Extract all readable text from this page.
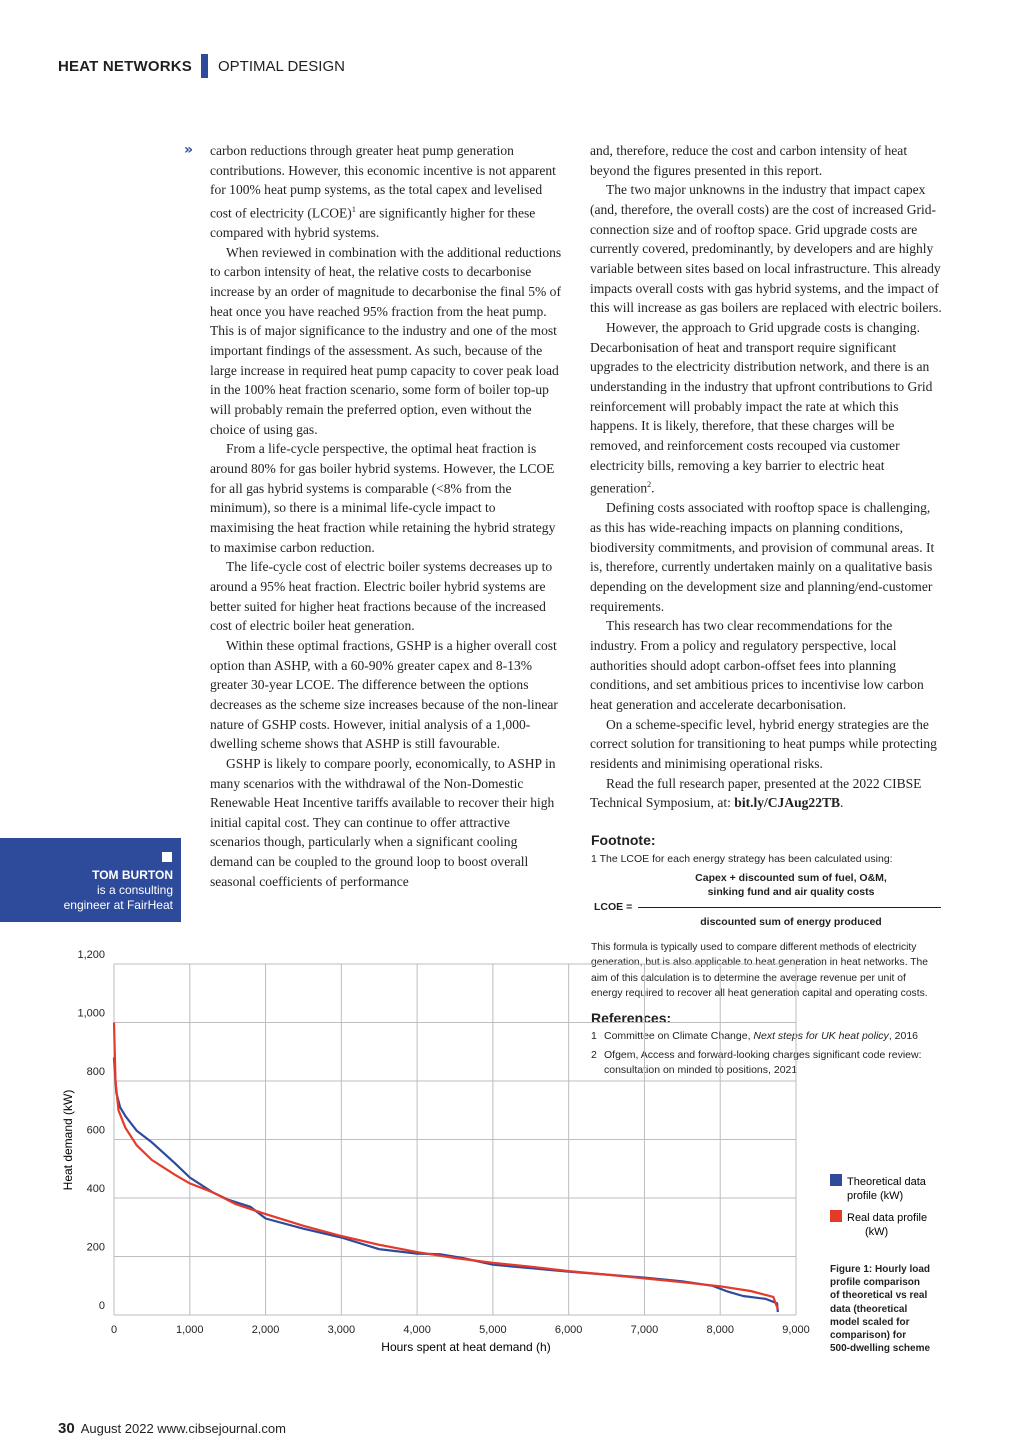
HEAT NETWORKS OPTIMAL DESIGN
» carbon reductions through greater heat pump generation contributions. However, this economic incentive is not apparent for 100% heat pump systems, as the total capex and levelised cost of electricity (LCOE)$^1$ are significantly higher for these compared with hybrid systems.

When reviewed in combination with the additional reductions to carbon intensity of heat, the relative costs to decarbonise increase by an order of magnitude to decarbonise the final 5% of heat once you have reached 95% fraction from the heat pump. This is of major significance to the industry and one of the most important findings of the assessment. As such, because of the large increase in required heat pump capacity to cover peak load in the 100% heat fraction scenario, some form of boiler top-up will probably remain the preferred option, even without the choice of using gas.

From a life-cycle perspective, the optimal heat fraction is around 80% for gas boiler hybrid systems. However, the LCOE for all gas hybrid systems is comparable (<8% from the minimum), so there is a minimal life-cycle impact to maximising the heat fraction while retaining the hybrid strategy to maximise carbon reduction.

The life-cycle cost of electric boiler systems decreases up to around a 95% heat fraction. Electric boiler hybrid systems are better suited for higher heat fractions because of the increased cost of electric boiler heat generation.

Within these optimal fractions, GSHP is a higher overall cost option than ASHP, with a 60-90% greater capex and 8-13% greater 30-year LCOE. The difference between the options decreases as the scheme size increases because of the non-linear nature of GSHP costs. However, initial analysis of a 1,000-dwelling scheme shows that ASHP is still favourable.

GSHP is likely to compare poorly, economically, to ASHP in many scenarios with the withdrawal of the Non-Domestic Renewable Heat Incentive tariffs available to recover their high initial capital cost. They can continue to offer attractive scenarios though, particularly when a significant cooling demand can be coupled to the ground loop to boost overall seasonal coefficients of performance

and, therefore, reduce the cost and carbon intensity of heat beyond the figures presented in this report.

The two major unknowns in the industry that impact capex (and, therefore, the overall costs) are the cost of increased Grid-connection size and of rooftop space. Grid upgrade costs are currently covered, predominantly, by developers and are highly variable between sites based on local infrastructure. This already impacts overall costs with gas hybrid systems, and the impact of this will increase as gas boilers are replaced with electric boilers.

However, the approach to Grid upgrade costs is changing. Decarbonisation of heat and transport require significant upgrades to the electricity distribution network, and there is an understanding in the industry that upfront contributions to Grid reinforcement will probably impact the rate at which this happens. It is likely, therefore, that these charges will be removed, and reinforcement costs recouped via customer electricity bills, removing a key barrier to electric heat generation$^2$.

Defining costs associated with rooftop space is challenging, as this has wide-reaching impacts on planning conditions, biodiversity commitments, and provision of communal areas. It is, therefore, currently undertaken mainly on a qualitative basis depending on the development size and planning/end-customer requirements.

This research has two clear recommendations for the industry. From a policy and regulatory perspective, local authorities should adopt carbon-offset fees into planning conditions, and set ambitious prices to incentivise low carbon heat generation and accelerate decarbonisation.

On a scheme-specific level, hybrid energy strategies are the correct solution for transitioning to heat pumps while protecting residents and minimising operational risks.

Read the full research paper, presented at the 2022 CIBSE Technical Symposium, at: bit.ly/CJAug22TB.

Footnote:
1 The LCOE for each energy strategy has been calculated using:
Capex + discounted sum of fuel, O&M,
sinking fund and air quality costs
LCOE =
discounted sum of energy produced
This formula is typically used to compare different methods of electricity generation, but is also applicable to heat generation in heat networks. The aim of this calculation is to determine the average revenue per unit of energy required to recover all heat generation capital and operating costs.
References:
1 Committee on Climate Change, Next steps for UK heat policy, 2016
2 Ofgem, Access and forward-looking charges significant code review: consultation on minded to positions, 2021
TOM BURTON
is a consulting
engineer at FairHeat
0	1,000	2,000	3,000	4,000	5,000	6,000	7,000	8,000	9,000
0
200
400
600
800
1,000
1,200
Hours spent at heat demand (h)
Heat demand (kW)	Theoretical data
profile (kW)
Real data profile
(kW)
Figure 1: Hourly load
profile comparison
of theoretical vs real
data (theoretical
model scaled for
comparison) for
500-dwelling scheme
30 August 2022 www.cibsejournal.com
